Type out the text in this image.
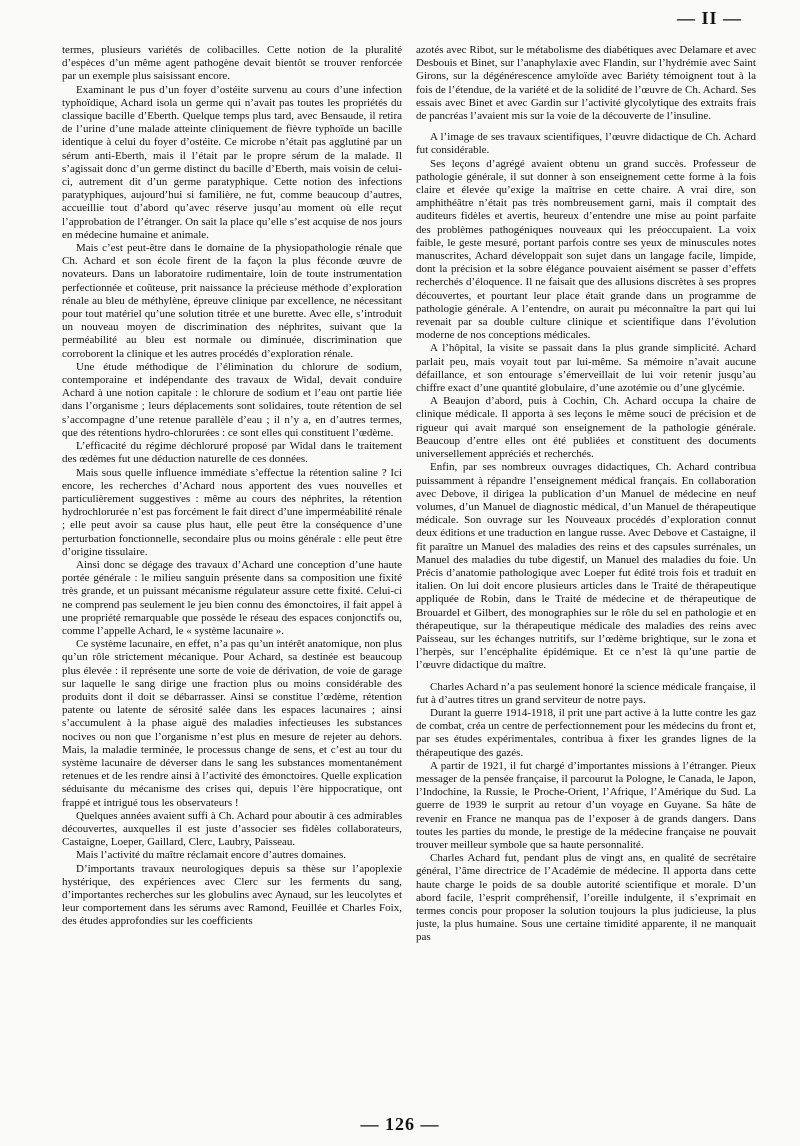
— II —

termes, plusieurs variétés de colibacilles. Cette notion de la pluralité d’espèces d’un même agent pathogène devait bientôt se trouver renforcée par un exemple plus saisissant encore.

Examinant le pus d’un foyer d’ostéite survenu au cours d’une infection typhoïdique, Achard isola un germe qui n’avait pas toutes les propriétés du classique bacille d’Eberth. Quelque temps plus tard, avec Bensaude, il retira de l’urine d’une malade atteinte cliniquement de fièvre typhoïde un bacille identique à celui du foyer d’ostéite. Ce microbe n’était pas agglutiné par un sérum anti-Eberth, mais il l’était par le propre sérum de la malade. Il s’agissait donc d’un germe distinct du bacille d’Eberth, mais voisin de celui-ci, autrement dit d’un germe paratyphique. Cette notion des infections paratyphiques, aujourd’hui si familière, ne fut, comme beaucoup d’autres, accueillie tout d’abord qu’avec réserve jusqu’au moment où elle reçut l’approbation de l’étranger. On sait la place qu’elle s’est acquise de nos jours en médecine humaine et animale.

Mais c’est peut-être dans le domaine de la physiopathologie rénale que Ch. Achard et son école firent de la façon la plus féconde œuvre de novateurs. Dans un laboratoire rudimentaire, loin de toute instrumentation perfectionnée et coûteuse, prit naissance la précieuse méthode d’exploration rénale au bleu de méthylène, épreuve clinique par excellence, ne nécessitant pour tout matériel qu’une solution titrée et une burette. Avec elle, s’introduit un nouveau moyen de discrimination des néphrites, suivant que la perméabilité au bleu est normale ou diminuée, discrimination que corroborent la clinique et les autres procédés d’exploration rénale.

Une étude méthodique de l’élimination du chlorure de sodium, contemporaine et indépendante des travaux de Widal, devait conduire Achard à une notion capitale : le chlorure de sodium et l’eau ont partie liée dans l’organisme ; leurs déplacements sont solidaires, toute rétention de sel s’accompagne d’une retenue parallèle d’eau ; il n’y a, en d’autres termes, que des rétentions hydro-chlorurées : ce sont elles qui constituent l’œdème.

L’efficacité du régime déchloruré proposé par Widal dans le traitement des œdèmes fut une déduction naturelle de ces données.

Mais sous quelle influence immédiate s’effectue la rétention saline ? Ici encore, les recherches d’Achard nous apportent des vues nouvelles et particulièrement suggestives : même au cours des néphrites, la rétention hydrochlorurée n’est pas forcément le fait direct d’une imperméabilité rénale ; elle peut avoir sa cause plus haut, elle peut être la conséquence d’une perturbation fonctionnelle, secondaire plus ou moins générale : elle peut être d’origine tissulaire.

Ainsi donc se dégage des travaux d’Achard une conception d’une haute portée générale : le milieu sanguin présente dans sa composition une fixité très grande, et un puissant mécanisme régulateur assure cette fixité. Celui-ci ne comprend pas seulement le jeu bien connu des émonctoires, il fait appel à une propriété remarquable que possède le réseau des espaces conjonctifs ou, comme l’appelle Achard, le « système lacunaire ».

Ce système lacunaire, en effet, n’a pas qu’un intérêt anatomique, non plus qu’un rôle strictement mécanique. Pour Achard, sa destinée est beaucoup plus élevée : il représente une sorte de voie de dérivation, de voie de garage sur laquelle le sang dirige une fraction plus ou moins considérable des produits dont il doit se débarrasser. Ainsi se constitue l’œdème, rétention patente ou latente de sérosité salée dans les espaces lacunaires ; ainsi s’accumulent à la phase aiguë des maladies infectieuses les substances nocives ou non que l’organisme n’est plus en mesure de rejeter au dehors. Mais, la maladie terminée, le processus change de sens, et c’est au tour du système lacunaire de déverser dans le sang les substances momentanément retenues et de les rendre ainsi à l’activité des émonctoires. Quelle explication séduisante du mécanisme des crises qui, depuis l’ère hippocratique, ont frappé et intrigué tous les observateurs !

Quelques années avaient suffi à Ch. Achard pour aboutir à ces admirables découvertes, auxquelles il est juste d’associer ses fidèles collaborateurs, Castaigne, Loeper, Gaillard, Clerc, Laubry, Paisseau.

Mais l’activité du maître réclamait encore d’autres domaines.

D’importants travaux neurologiques depuis sa thèse sur l’apoplexie hystérique, des expériences avec Clerc sur les ferments du sang, d’importantes recherches sur les globulins avec Aynaud, sur les leucolytes et leur comportement dans les sérums avec Ramond, Feuillée et Charles Foix, des études approfondies sur les coefficients

azotés avec Ribot, sur le métabolisme des diabétiques avec Delamare et avec Desbouis et Binet, sur l’anaphylaxie avec Flandin, sur l’hydrémie avec Saint Girons, sur la dégénérescence amyloïde avec Bariéty témoignent tout à la fois de l’étendue, de la variété et de la solidité de l’œuvre de Ch. Achard. Ses essais avec Binet et avec Gardin sur l’activité glycolytique des extraits frais de pancréas l’avaient mis sur la voie de la découverte de l’insuline.

A l’image de ses travaux scientifiques, l’œuvre didactique de Ch. Achard fut considérable.

Ses leçons d’agrégé avaient obtenu un grand succès. Professeur de pathologie générale, il sut donner à son enseignement cette forme à la fois claire et élevée qu’exige la maîtrise en cette chaire. A vrai dire, son amphithéâtre n’était pas très nombreusement garni, mais il comptait des auditeurs fidèles et avertis, heureux d’entendre une mise au point parfaite des problèmes pathogéniques nouveaux qui les préoccupaient. La voix faible, le geste mesuré, portant parfois contre ses yeux de minuscules notes manuscrites, Achard développait son sujet dans un langage facile, limpide, dont la précision et la sobre élégance pouvaient aisément se passer d’effets recherchés d’éloquence. Il ne faisait que des allusions discrètes à ses propres découvertes, et pourtant leur place était grande dans un programme de pathologie générale. A l’entendre, on aurait pu méconnaître la part qui lui revenait par sa double culture clinique et scientifique dans l’évolution moderne de nos conceptions médicales.

A l’hôpital, la visite se passait dans la plus grande simplicité. Achard parlait peu, mais voyait tout par lui-même. Sa mémoire n’avait aucune défaillance, et son entourage s’émerveillait de lui voir retenir jusqu’au chiffre exact d’une quantité globulaire, d’une azotémie ou d’une glycémie.

A Beaujon d’abord, puis à Cochin, Ch. Achard occupa la chaire de clinique médicale. Il apporta à ses leçons le même souci de précision et de rigueur qui avait marqué son enseignement de la pathologie générale. Beaucoup d’entre elles ont été publiées et constituent des documents universellement appréciés et recherchés.

Enfin, par ses nombreux ouvrages didactiques, Ch. Achard contribua puissamment à répandre l’enseignement médical français. En collaboration avec Debove, il dirigea la publication d’un Manuel de médecine en neuf volumes, d’un Manuel de diagnostic médical, d’un Manuel de thérapeutique médicale. Son ouvrage sur les Nouveaux procédés d’exploration connut deux éditions et une traduction en langue russe. Avec Debove et Castaigne, il fit paraître un Manuel des maladies des reins et des capsules surrénales, un Manuel des maladies du tube digestif, un Manuel des maladies du foie. Un Précis d’anatomie pathologique avec Loeper fut édité trois fois et traduit en italien. On lui doit encore plusieurs articles dans le Traité de thérapeutique appliquée de Robin, dans le Traité de médecine et de thérapeutique de Brouardel et Gilbert, des monographies sur le rôle du sel en pathologie et en thérapeutique, sur la thérapeutique médicale des maladies des reins avec Paisseau, sur les échanges nutritifs, sur l’œdème brightique, sur le zona et l’herpès, sur l’encéphalite épidémique. Et ce n’est là qu’une partie de l’œuvre didactique du maître.

Charles Achard n’a pas seulement honoré la science médicale française, il fut à d’autres titres un grand serviteur de notre pays.

Durant la guerre 1914-1918, il prit une part active à la lutte contre les gaz de combat, créa un centre de perfectionnement pour les médecins du front et, par ses études expérimentales, contribua à fixer les grandes lignes de la thérapeutique des gazés.

A partir de 1921, il fut chargé d’importantes missions à l’étranger. Pieux messager de la pensée française, il parcourut la Pologne, le Canada, le Japon, l’Indochine, la Russie, le Proche-Orient, l’Afrique, l’Amérique du Sud. La guerre de 1939 le surprit au retour d’un voyage en Guyane. Sa hâte de revenir en France ne manqua pas de l’exposer à de grands dangers. Dans toutes les parties du monde, le prestige de la médecine française ne pouvait trouver meilleur symbole que sa haute personnalité.

Charles Achard fut, pendant plus de vingt ans, en qualité de secrétaire général, l’âme directrice de l’Académie de médecine. Il apporta dans cette haute charge le poids de sa double autorité scientifique et morale. D’un abord facile, l’esprit compréhensif, l’oreille indulgente, il s’exprimait en termes concis pour proposer la solution toujours la plus judicieuse, la plus juste, la plus humaine. Sous une certaine timidité apparente, il ne manquait pas

— 126 —
